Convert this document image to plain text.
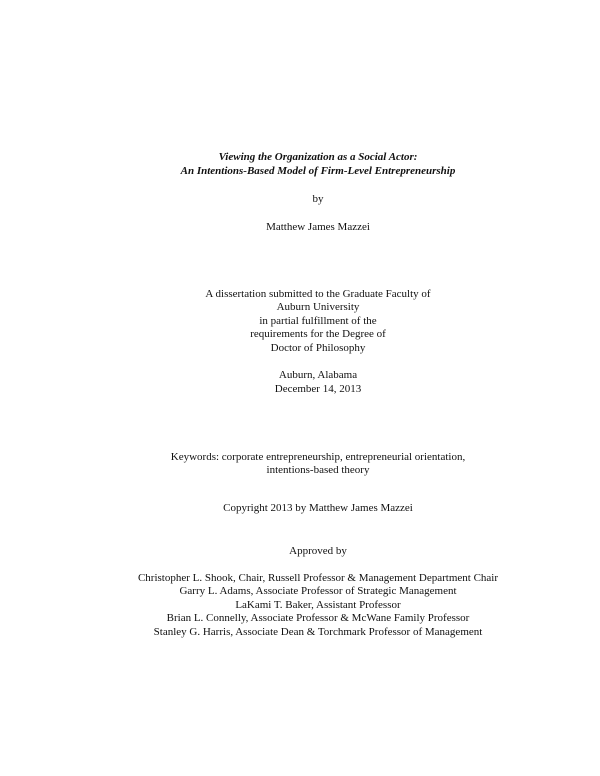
Viewing the Organization as a Social Actor:
An Intentions-Based Model of Firm-Level Entrepreneurship
by
Matthew James Mazzei
A dissertation submitted to the Graduate Faculty of
Auburn University
in partial fulfillment of the
requirements for the Degree of
Doctor of Philosophy
Auburn, Alabama
December 14, 2013
Keywords: corporate entrepreneurship, entrepreneurial orientation,
intentions-based theory
Copyright 2013 by Matthew James Mazzei
Approved by
Christopher L. Shook, Chair, Russell Professor & Management Department Chair
Garry L. Adams, Associate Professor of Strategic Management
LaKami T. Baker, Assistant Professor
Brian L. Connelly, Associate Professor & McWane Family Professor
Stanley G. Harris, Associate Dean & Torchmark Professor of Management
